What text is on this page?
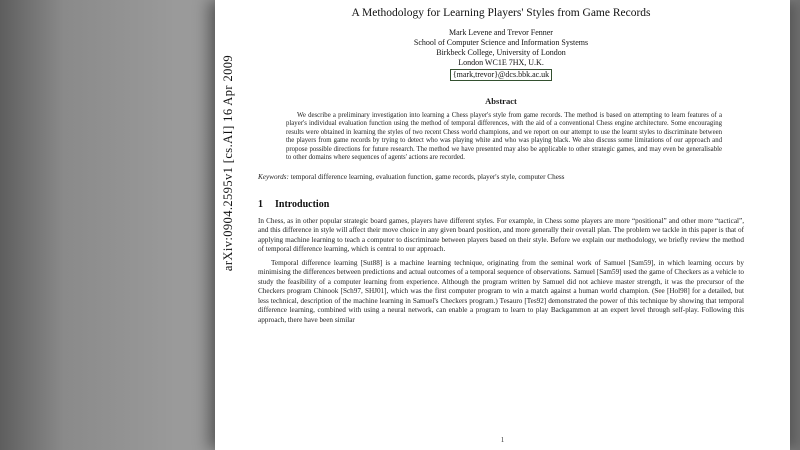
arXiv:0904.2595v1 [cs.AI] 16 Apr 2009
A Methodology for Learning Players' Styles from Game Records
Mark Levene and Trevor Fenner
School of Computer Science and Information Systems
Birkbeck College, University of London
London WC1E 7HX, U.K.
{mark,trevor}@dcs.bbk.ac.uk
Abstract
We describe a preliminary investigation into learning a Chess player's style from game records. The method is based on attempting to learn features of a player's individual evaluation function using the method of temporal differences, with the aid of a conventional Chess engine architecture. Some encouraging results were obtained in learning the styles of two recent Chess world champions, and we report on our attempt to use the learnt styles to discriminate between the players from game records by trying to detect who was playing white and who was playing black. We also discuss some limitations of our approach and propose possible directions for future research. The method we have presented may also be applicable to other strategic games, and may even be generalisable to other domains where sequences of agents' actions are recorded.
Keywords: temporal difference learning, evaluation function, game records, player's style, computer Chess
1 Introduction
In Chess, as in other popular strategic board games, players have different styles. For example, in Chess some players are more “positional” and other more “tactical”, and this difference in style will affect their move choice in any given board position, and more generally their overall plan. The problem we tackle in this paper is that of applying machine learning to teach a computer to discriminate between players based on their style. Before we explain our methodology, we briefly review the method of temporal difference learning, which is central to our approach.
Temporal difference learning [Sut88] is a machine learning technique, originating from the seminal work of Samuel [Sam59], in which learning occurs by minimising the differences between predictions and actual outcomes of a temporal sequence of observations. Samuel [Sam59] used the game of Checkers as a vehicle to study the feasibility of a computer learning from experience. Although the program written by Samuel did not achieve master strength, it was the precursor of the Checkers program Chinook [Sch97, SHJ01], which was the first computer program to win a match against a human world champion. (See [Hol98] for a detailed, but less technical, description of the machine learning in Samuel's Checkers program.) Tesauro [Tes92] demonstrated the power of this technique by showing that temporal difference learning, combined with using a neural network, can enable a program to learn to play Backgammon at an expert level through self-play. Following this approach, there have been similar
1
